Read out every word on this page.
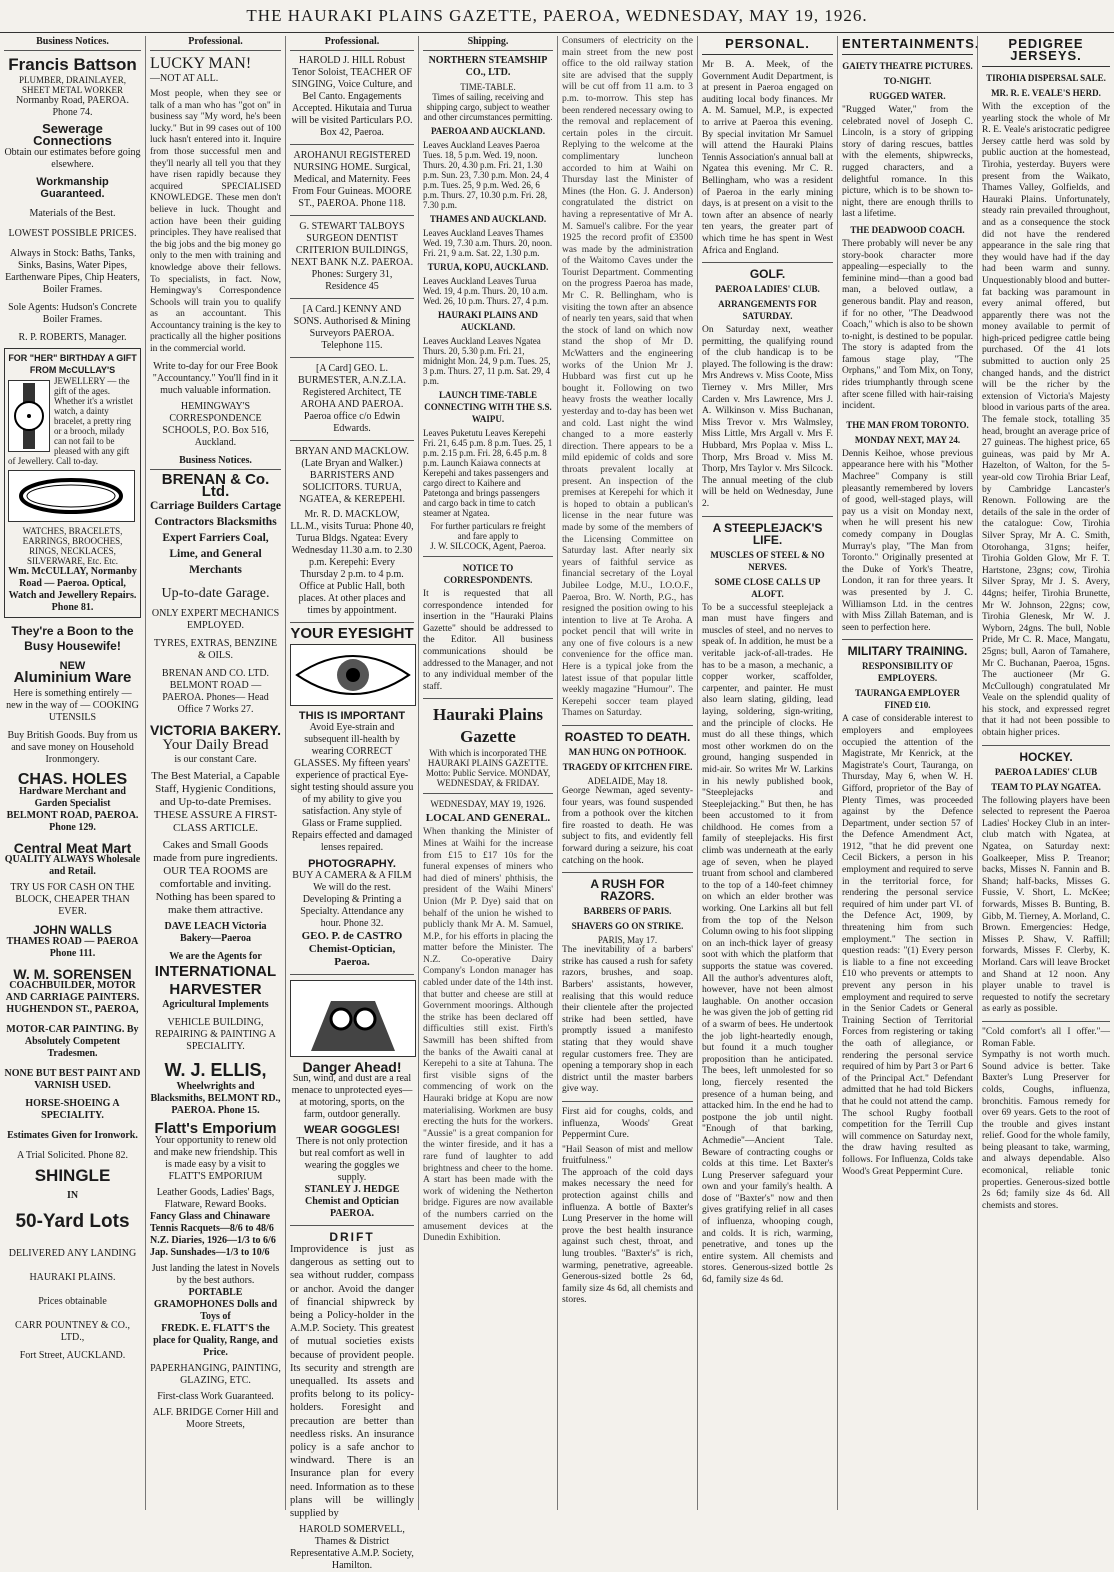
THE HAURAKI PLAINS GAZETTE, PAEROA, WEDNESDAY, MAY 19, 1926.
Business Notices.
Francis Battson
PLUMBER, DRAINLAYER, SHEET METAL WORKER
Normanby Road, PAEROA. Phone 74.
Sewerage Connections
Obtain our estimates before going elsewhere.
Workmanship Guaranteed.
Materials of the Best.
LOWEST POSSIBLE PRICES.
Always in Stock: Baths, Tanks, Sinks, Basins, Water Pipes, Earthenware Pipes, Chip Heaters, Boiler Frames.
Sole Agents: Hudson's Concrete Boiler Frames.
R. P. ROBERTS, Manager.
FOR "HER" BIRTHDAY A GIFT FROM McCULLAY'S
JEWELLERY — the gift of the ages. Whether it's a wristlet watch, a dainty bracelet, a pretty ring or a brooch, milady can not fail to be pleased with any gift of Jewellery. Call to-day.
WATCHES, BRACELETS, EARRINGS, BROOCHES, RINGS, NECKLACES, SILVERWARE, Etc. Etc.
Wm. McCULLAY, Normanby Road — Paeroa. Optical, Watch and Jewellery Repairs. Phone 81.
They're a Boon to the Busy Housewife!
NEW
Aluminium Ware
Here is something entirely — new in the way of — COOKING UTENSILS
Buy British Goods. Buy from us and save money on Household Ironmongery.
CHAS. HOLES
Hardware Merchant and Garden Specialist
BELMONT ROAD, PAEROA. Phone 129.
Central Meat Mart
QUALITY ALWAYS Wholesale and Retail.
TRY US FOR CASH ON THE BLOCK, CHEAPER THAN EVER.
JOHN WALLS
THAMES ROAD — PAEROA Phone 111.
W. M. SORENSEN
COACHBUILDER, MOTOR AND CARRIAGE PAINTERS. HUGHENDON ST., PAEROA,
MOTOR-CAR PAINTING. By Absolutely Competent Tradesmen.
NONE BUT BEST PAINT AND VARNISH USED.
HORSE-SHOEING A SPECIALITY.
Estimates Given for Ironwork.
A Trial Solicited. Phone 82.
SHINGLE
IN
50-Yard Lots
DELIVERED ANY LANDING
HAURAKI PLAINS.
Prices obtainable
CARR POUNTNEY & CO., LTD.,
Fort Street, AUCKLAND.
Professional.
LUCKY MAN!
—NOT AT ALL.
Most people, when they see or talk of a man who has "got on" in business say "My word, he's been lucky." But in 99 cases out of 100 luck hasn't entered into it. Inquire from those successful men and they'll nearly all tell you that they have risen rapidly because they acquired SPECIALISED KNOWLEDGE. These men don't believe in luck. Thought and action have been their guiding principles. They have realised that the big jobs and the big money go only to the men with training and knowledge above their fellows. To specialists, in fact. Now, Hemingway's Correspondence Schools will train you to qualify as an accountant. This Accountancy training is the key to practically all the higher positions in the commercial world.
Write to-day for our Free Book "Accountancy." You'll find in it much valuable information.
HEMINGWAY'S CORRESPONDENCE SCHOOLS, P.O. Box 516, Auckland.
Business Notices.
BRENAN & Co. Ltd.
Carriage Builders Cartage Contractors Blacksmiths Expert Farriers Coal, Lime, and General Merchants
Up-to-date Garage.
ONLY EXPERT MECHANICS EMPLOYED.
TYRES, EXTRAS, BENZINE & OILS.
BRENAN AND CO. LTD. BELMONT ROAD — PAEROA. Phones— Head Office 7 Works 27.
VICTORIA BAKERY.
Your Daily Bread
is our constant Care.
The Best Material, a Capable Staff, Hygienic Conditions, and Up-to-date Premises. THESE ASSURE A FIRST-CLASS ARTICLE.
Cakes and Small Goods made from pure ingredients. OUR TEA ROOMS are comfortable and inviting. Nothing has been spared to make them attractive.
DAVE LEACH Victoria Bakery—Paeroa
We are the Agents for
INTERNATIONAL HARVESTER
Agricultural Implements
VEHICLE BUILDING, REPAIRING & PAINTING A SPECIALITY.
W. J. ELLIS,
Wheelwrights and Blacksmiths, BELMONT RD., PAEROA. Phone 15.
Flatt's Emporium
Your opportunity to renew old and make new friendship. This is made easy by a visit to FLATT'S EMPORIUM
Leather Goods, Ladies' Bags, Flatware, Reward Books.
Fancy Glass and Chinaware
Tennis Racquets—8/6 to 48/6
N.Z. Diaries, 1926—1/3 to 6/6
Jap. Sunshades—1/3 to 10/6
Just landing the latest in Novels by the best authors.
PORTABLE GRAMOPHONES Dolls and Toys of
FREDK. E. FLATT'S the place for Quality, Range, and Price.
PAPERHANGING, PAINTING, GLAZING, ETC.
First-class Work Guaranteed.
ALF. BRIDGE Corner Hill and Moore Streets,
Professional.
HAROLD J. HILL Robust Tenor Soloist, TEACHER OF SINGING, Voice Culture, and Bel Canto. Engagements Accepted. Hikutaia and Turua will be visited Particulars P.O. Box 42, Paeroa.
AROHANUI REGISTERED NURSING HOME. Surgical, Medical, and Maternity. Fees From Four Guineas. MOORE ST., PAEROA. Phone 118.
G. STEWART TALBOYS SURGEON DENTIST CRITERION BUILDINGS, NEXT BANK N.Z. PAEROA. Phones: Surgery 31, Residence 45
[A Card.] KENNY AND SONS. Authorised & Mining Surveyors PAEROA. Telephone 115.
[A Card] GEO. L. BURMESTER, A.N.Z.I.A. Registered Architect, TE AROHA AND PAEROA. Paeroa office c/o Edwin Edwards.
BRYAN AND MACKLOW. (Late Bryan and Walker.) BARRISTERS AND SOLICITORS. TURUA, NGATEA, & KEREPEHI.
Mr. R. D. MACKLOW, LL.M., visits Turua: Phone 40, Turua Bldgs. Ngatea: Every Wednesday 11.30 a.m. to 2.30 p.m. Kerepehi: Every Thursday 2 p.m. to 4 p.m. Office at Public Hall, both places. At other places and times by appointment.
YOUR EYESIGHT
THIS IS IMPORTANT
Avoid Eye-strain and subsequent ill-health by wearing CORRECT GLASSES. My fifteen years' experience of practical Eye-sight testing should assure you of my ability to give you satisfaction. Any style of Glass or Frame supplied. Repairs effected and damaged lenses repaired.
PHOTOGRAPHY.
BUY A CAMERA & A FILM We will do the rest. Developing & Printing a Specialty. Attendance any hour. Phone 32.
GEO. P. de CASTRO Chemist-Optician, Paeroa.
Danger Ahead!
Sun, wind, and dust are a real menace to unprotected eyes—at motoring, sports, on the farm, outdoor generally.
WEAR GOGGLES!
There is not only protection but real comfort as well in wearing the goggles we supply.
STANLEY J. HEDGE Chemist and Optician PAEROA.
DRIFT
Improvidence is just as dangerous as setting out to sea without rudder, compass or anchor. Avoid the danger of financial shipwreck by being a Policy-holder in the A.M.P. Society. This greatest of mutual societies exists because of provident people. Its security and strength are unequalled. Its assets and profits belong to its policy-holders. Foresight and precaution are better than needless risks. An insurance policy is a safe anchor to windward. There is an Insurance plan for every need. Information as to these plans will be willingly supplied by
HAROLD SOMERVELL, Thames & District Representative A.M.P. Society, Hamilton.
Shipping.
NORTHERN STEAMSHIP CO., LTD.
TIME-TABLE.
Times of sailing, receiving and shipping cargo, subject to weather and other circumstances permitting.
PAEROA AND AUCKLAND.
Leaves Auckland Leaves Paeroa Tues. 18, 5 p.m. Wed. 19, noon. Thurs. 20, 4.30 p.m. Fri. 21, 1.30 p.m. Sun. 23, 7.30 p.m. Mon. 24, 4 p.m. Tues. 25, 9 p.m. Wed. 26, 6 p.m. Thurs. 27, 10.30 p.m. Fri. 28, 7.30 p.m.
THAMES AND AUCKLAND.
Leaves Auckland Leaves Thames Wed. 19, 7.30 a.m. Thurs. 20, noon. Fri. 21, 9 a.m. Sat. 22, 1.30 p.m.
TURUA, KOPU, AUCKLAND.
Leaves Auckland Leaves Turua Wed. 19, 4 p.m. Thurs. 20, 10 a.m. Wed. 26, 10 p.m. Thurs. 27, 4 p.m.
HAURAKI PLAINS AND AUCKLAND.
Leaves Auckland Leaves Ngatea Thurs. 20, 5.30 p.m. Fri. 21, midnight Mon. 24, 9 p.m. Tues. 25, 3 p.m. Thurs. 27, 11 p.m. Sat. 29, 4 p.m.
LAUNCH TIME-TABLE CONNECTING WITH THE S.S. WAIPU.
Leaves Puketutu Leaves Kerepehi Fri. 21, 6.45 p.m. 8 p.m. Tues. 25, 1 p.m. 2.15 p.m. Fri. 28, 6.45 p.m. 8 p.m. Launch Kaiawa connects at Kerepehi and takes passengers and cargo direct to Kaihere and Patetonga and brings passengers and cargo back in time to catch steamer at Ngatea.
For further particulars re freight and fare apply to
J. W. SILCOCK, Agent, Paeroa.
NOTICE TO CORRESPONDENTS.
It is requested that all correspondence intended for insertion in the "Hauraki Plains Gazette" should be addressed to the Editor. All business communications should be addressed to the Manager, and not to any individual member of the staff.
Hauraki Plains Gazette
With which is incorporated THE HAURAKI PLAINS GAZETTE. Motto: Public Service. MONDAY, WEDNESDAY, & FRIDAY.
WEDNESDAY, MAY 19, 1926.
LOCAL AND GENERAL.
When thanking the Minister of Mines at Waihi for the increase from £15 to £17 10s for the funeral expenses of miners who had died of miners' phthisis, the president of the Waihi Miners' Union (Mr P. Dye) said that on behalf of the union he wished to publicly thank Mr A. M. Samuel, M.P., for his efforts in placing the matter before the Minister. The N.Z. Co-operative Dairy Company's London manager has cabled under date of the 14th inst. that butter and cheese are still at Government moorings. Although the strike has been declared off difficulties still exist. Firth's Sawmill has been shifted from the banks of the Awaiti canal at Kerepehi to a site at Tahuna. The first visible signs of the commencing of work on the Hauraki bridge at Kopu are now materialising. Workmen are busy erecting the huts for the workers. "Aussie" is a great companion for the winter fireside, and it has a rare fund of laughter to add brightness and cheer to the home. A start has been made with the work of widening the Netherton bridge. Figures are now available of the numbers carried on the amusement devices at the Dunedin Exhibition.
Consumers of electricity on the main street from the new post office to the old railway station site are advised that the supply will be cut off from 11 a.m. to 3 p.m. to-morrow. This step has been rendered necessary owing to the removal and replacement of certain poles in the circuit. Replying to the welcome at the complimentary luncheon accorded to him at Waihi on Thursday last the Minister of Mines (the Hon. G. J. Anderson) congratulated the district on having a representative of Mr A. M. Samuel's calibre. For the year 1925 the record profit of £3500 was made by the administration of the Waitomo Caves under the Tourist Department. Commenting on the progress Paeroa has made, Mr C. R. Bellingham, who is visiting the town after an absence of nearly ten years, said that when the stock of land on which now stand the shop of Mr D. McWatters and the engineering works of the Union Mr J. Hubbard was first cut up he bought it. Following on two heavy frosts the weather locally yesterday and to-day has been wet and cold. Last night the wind changed to a more easterly direction. There appears to be a mild epidemic of colds and sore throats prevalent locally at present. An inspection of the premises at Kerepehi for which it is hoped to obtain a publican's license in the near future was made by some of the members of the Licensing Committee on Saturday last. After nearly six years of faithful service as financial secretary of the Loyal Jubilee Lodge, M.U., I.O.O.F., Paeroa, Bro. W. North, P.G., has resigned the position owing to his intention to live at Te Aroha. A pocket pencil that will write in any one of five colours is a new convenience for the office man. Here is a typical joke from the latest issue of that popular little weekly magazine "Humour". The Kerepehi soccer team played Thames on Saturday.
ROASTED TO DEATH.
MAN HUNG ON POTHOOK.
TRAGEDY OF KITCHEN FIRE.
ADELAIDE, May 18.
George Newman, aged seventy-four years, was found suspended from a pothook over the kitchen fire roasted to death. He was subject to fits, and evidently fell forward during a seizure, his coat catching on the hook.
A RUSH FOR RAZORS.
BARBERS OF PARIS.
SHAVERS GO ON STRIKE.
PARIS, May 17.
The inevitability of a barbers' strike has caused a rush for safety razors, brushes, and soap. Barbers' assistants, however, realising that this would reduce their clientele after the projected strike had been settled, have promptly issued a manifesto stating that they would shave regular customers free. They are opening a temporary shop in each district until the master barbers give way.
First aid for coughs, colds, and influenza, Woods' Great Peppermint Cure.
"Hail Season of mist and mellow fruitfulness."
The approach of the cold days makes necessary the need for protection against chills and influenza. A bottle of Baxter's Lung Preserver in the home will prove the best health insurance against such chest, throat, and lung troubles. "Baxter's" is rich, warming, penetrative, agreeable. Generous-sized bottle 2s 6d, family size 4s 6d, all chemists and stores.
PERSONAL.
Mr B. A. Meek, of the Government Audit Department, is at present in Paeroa engaged on auditing local body finances. Mr A. M. Samuel, M.P., is expected to arrive at Paeroa this evening. By special invitation Mr Samuel will attend the Hauraki Plains Tennis Association's annual ball at Ngatea this evening. Mr C. R. Bellingham, who was a resident of Paeroa in the early mining days, is at present on a visit to the town after an absence of nearly ten years, the greater part of which time he has spent in West Africa and England.
GOLF.
PAEROA LADIES' CLUB.
ARRANGEMENTS FOR SATURDAY.
On Saturday next, weather permitting, the qualifying round of the club handicap is to be played. The following is the draw: Mrs Andrews v. Miss Coote, Miss Tierney v. Mrs Miller, Mrs Carden v. Mrs Lawrence, Mrs J. A. Wilkinson v. Miss Buchanan, Miss Trevor v. Mrs Walmsley, Miss Little, Mrs Argall v. Mrs F. Hubbard, Mrs Poplaa v. Miss L. Thorp, Mrs Broad v. Miss M. Thorp, Mrs Taylor v. Mrs Silcock. The annual meeting of the club will be held on Wednesday, June 2.
A STEEPLEJACK'S LIFE.
MUSCLES OF STEEL & NO NERVES.
SOME CLOSE CALLS UP ALOFT.
To be a successful steeplejack a man must have fingers and muscles of steel, and no nerves to speak of. In addition, he must be a veritable jack-of-all-trades. He has to be a mason, a mechanic, a copper worker, scaffolder, carpenter, and painter. He must also learn slating, gilding, lead laying, soldering, sign-writing, and the principle of clocks. He must do all these things, which most other workmen do on the ground, hanging suspended in mid-air. So writes Mr W. Larkins in his newly published book, "Steeplejacks and Steeplejacking." But then, he has been accustomed to it from childhood. He comes from a family of steeplejacks. His first climb was underneath at the early age of seven, when he played truant from school and clambered to the top of a 140-feet chimney on which an elder brother was working. One Larkins all but fell from the top of the Nelson Column owing to his foot slipping on an inch-thick layer of greasy soot with which the platform that supports the statue was covered. All the author's adventures aloft, however, have not been almost laughable. On another occasion he was given the job of getting rid of a swarm of bees. He undertook the job light-heartedly enough, but found it a much tougher proposition than he anticipated. The bees, left unmolested for so long, fiercely resented the presence of a human being, and attacked him. In the end he had to postpone the job until night. "Enough of that barking, Achmedie"—Ancient Tale. Beware of contracting coughs or colds at this time. Let Baxter's Lung Preserver safeguard your own and your family's health. A dose of "Baxter's" now and then gives gratifying relief in all cases of influenza, whooping cough, and colds. It is rich, warming, penetrative, and tones up the entire system. All chemists and stores. Generous-sized bottle 2s 6d, family size 4s 6d.
ENTERTAINMENTS.
GAIETY THEATRE PICTURES.
TO-NIGHT.
RUGGED WATER.
"Rugged Water," from the celebrated novel of Joseph C. Lincoln, is a story of gripping story of daring rescues, battles with the elements, shipwrecks, rugged characters, and a delightful romance. In this picture, which is to be shown to-night, there are enough thrills to last a lifetime.
THE DEADWOOD COACH.
There probably will never be any story-book character more appealing—especially to the feminine mind—than a good bad man, a beloved outlaw, a generous bandit. Play and reason, if for no other, "The Deadwood Coach," which is also to be shown to-night, is destined to be popular. The story is adapted from the famous stage play, "The Orphans," and Tom Mix, on Tony, rides triumphantly through scene after scene filled with hair-raising incident.
THE MAN FROM TORONTO.
MONDAY NEXT, MAY 24.
Dennis Keihoe, whose previous appearance here with his "Mother Machree" Company is still pleasantly remembered by lovers of good, well-staged plays, will pay us a visit on Monday next, when he will present his new comedy company in Douglas Murray's play, "The Man from Toronto." Originally presented at the Duke of York's Theatre, London, it ran for three years. It was presented by J. C. Williamson Ltd. in the centres with Miss Zillah Bateman, and is seen to perfection here.
MILITARY TRAINING.
RESPONSIBILITY OF EMPLOYERS.
TAURANGA EMPLOYER FINED £10.
A case of considerable interest to employers and employees occupied the attention of the Magistrate, Mr Kenrick, at the Magistrate's Court, Tauranga, on Thursday, May 6, when W. H. Gifford, proprietor of the Bay of Plenty Times, was proceeded against by the Defence Department, under section 57 of the Defence Amendment Act, 1912, "that he did prevent one Cecil Bickers, a person in his employment and required to serve in the territorial force, for rendering the personal service required of him under part VI. of the Defence Act, 1909, by threatening him from such employment." The section in question reads: "(1) Every person is liable to a fine not exceeding £10 who prevents or attempts to prevent any person in his employment and required to serve in the Senior Cadets or General Training Section of Territorial Forces from registering or taking the oath of allegiance, or rendering the personal service required of him by Part 3 or Part 6 of the Principal Act." Defendant admitted that he had told Bickers that he could not attend the camp. The school Rugby football competition for the Terrill Cup will commence on Saturday next, the draw having resulted as follows. For Influenza, Colds take Wood's Great Peppermint Cure.
PEDIGREE JERSEYS.
TIROHIA DISPERSAL SALE.
MR. R. E. VEALE'S HERD.
With the exception of the yearling stock the whole of Mr R. E. Veale's aristocratic pedigree Jersey cattle herd was sold by public auction at the homestead, Tirohia, yesterday. Buyers were present from the Waikato, Thames Valley, Golfields, and Hauraki Plains. Unfortunately, steady rain prevailed throughout, and as a consequence the stock did not have the rendered appearance in the sale ring that they would have had if the day had been warm and sunny. Unquestionably blood and butter-fat backing was paramount in every animal offered, but apparently there was not the money available to permit of high-priced pedigree cattle being purchased. Of the 41 lots submitted to auction only 25 changed hands, and the district will be the richer by the extension of Victoria's Majesty blood in various parts of the area. The female stock, totalling 35 head, brought an average price of 27 guineas. The highest price, 65 guineas, was paid by Mr A. Hazelton, of Walton, for the 5-year-old cow Tirohia Briar Leaf, by Cambridge Lancaster's Renown. Following are the details of the sale in the order of the catalogue: Cow, Tirohia Silver Spray, Mr A. C. Smith, Otorohanga, 31gns; heifer, Tirohia Golden Glow, Mr F. T. Hartstone, 23gns; cow, Tirohia Silver Spray, Mr J. S. Avery, 44gns; heifer, Tirohia Brunette, Mr W. Johnson, 22gns; cow, Tirohia Glenesk, Mr W. J. Wyborn, 24gns. The bull, Noble Pride, Mr C. R. Mace, Mangatu, 25gns; bull, Aaron of Tamahere, Mr C. Buchanan, Paeroa, 15gns. The auctioneer (Mr G. McCullough) congratulated Mr Veale on the splendid quality of his stock, and expressed regret that it had not been possible to obtain higher prices.
HOCKEY.
PAEROA LADIES' CLUB
TEAM TO PLAY NGATEA.
The following players have been selected to represent the Paeroa Ladies' Hockey Club in an inter-club match with Ngatea, at Ngatea, on Saturday next: Goalkeeper, Miss P. Treanor; backs, Misses N. Fannin and B. Shand; half-backs, Misses G. Fussie, V. Short, L. McKee; forwards, Misses B. Bunting, B. Gibb, M. Tierney, A. Morland, C. Brown. Emergencies: Hedge, Misses P. Shaw, V. Raffill; forwards, Misses F. Clerby, K. Morland. Cars will leave Brocket and Shand at 12 noon. Any player unable to travel is requested to notify the secretary as early as possible.
"Cold comfort's all I offer."—Roman Fable.
Sympathy is not worth much. Sound advice is better. Take Baxter's Lung Preserver for colds, Coughs, influenza, bronchitis. Famous remedy for over 69 years. Gets to the root of the trouble and gives instant relief. Good for the whole family, being pleasant to take, warming, and always dependable. Also ecomonical, reliable tonic properties. Generous-sized bottle 2s 6d; family size 4s 6d. All chemists and stores.
